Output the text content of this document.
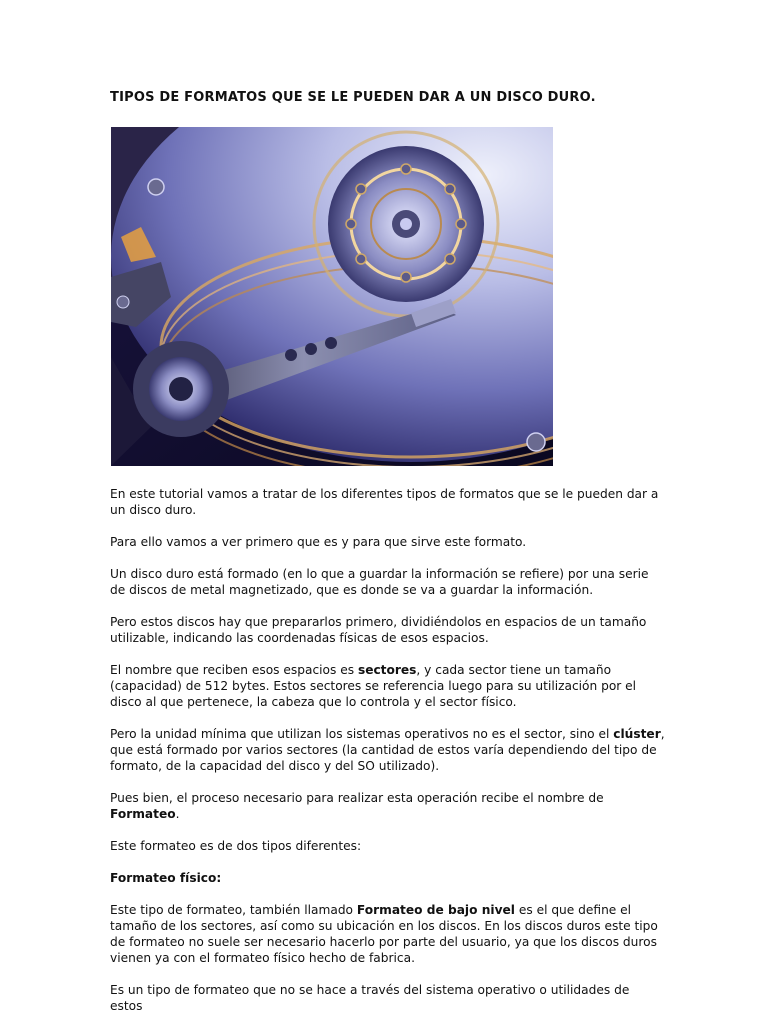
TIPOS DE FORMATOS QUE SE LE PUEDEN DAR A UN DISCO DURO.

En este tutorial vamos a tratar de los diferentes tipos de formatos que se le pueden dar a un disco duro.

Para ello vamos a ver primero que es y para que sirve este formato.

Un disco duro está formado (en lo que a guardar la información se refiere) por una serie de discos de metal magnetizado, que es donde se va a guardar la información.

Pero estos discos hay que prepararlos primero, dividiéndolos en espacios de un tamaño utilizable, indicando las coordenadas físicas de esos espacios.

El nombre que reciben esos espacios es sectores, y cada sector tiene un tamaño (capacidad) de 512 bytes. Estos sectores se referencia luego para su utilización por el disco al que pertenece, la cabeza que lo controla y el sector físico.

Pero la unidad mínima que utilizan los sistemas operativos no es el sector, sino el clúster, que está formado por varios sectores (la cantidad de estos varía dependiendo del tipo de formato, de la capacidad del disco y del SO utilizado).

Pues bien, el proceso necesario para realizar esta operación recibe el nombre de Formateo.

Este formateo es de dos tipos diferentes:

Formateo físico:

Este tipo de formateo, también llamado Formateo de bajo nivel es el que define el tamaño de los sectores, así como su ubicación en los discos. En los discos duros este tipo de formateo no suele ser necesario hacerlo por parte del usuario, ya que los discos duros vienen ya con el formateo físico hecho de fabrica.

Es un tipo de formateo que no se hace a través del sistema operativo o utilidades de estos
